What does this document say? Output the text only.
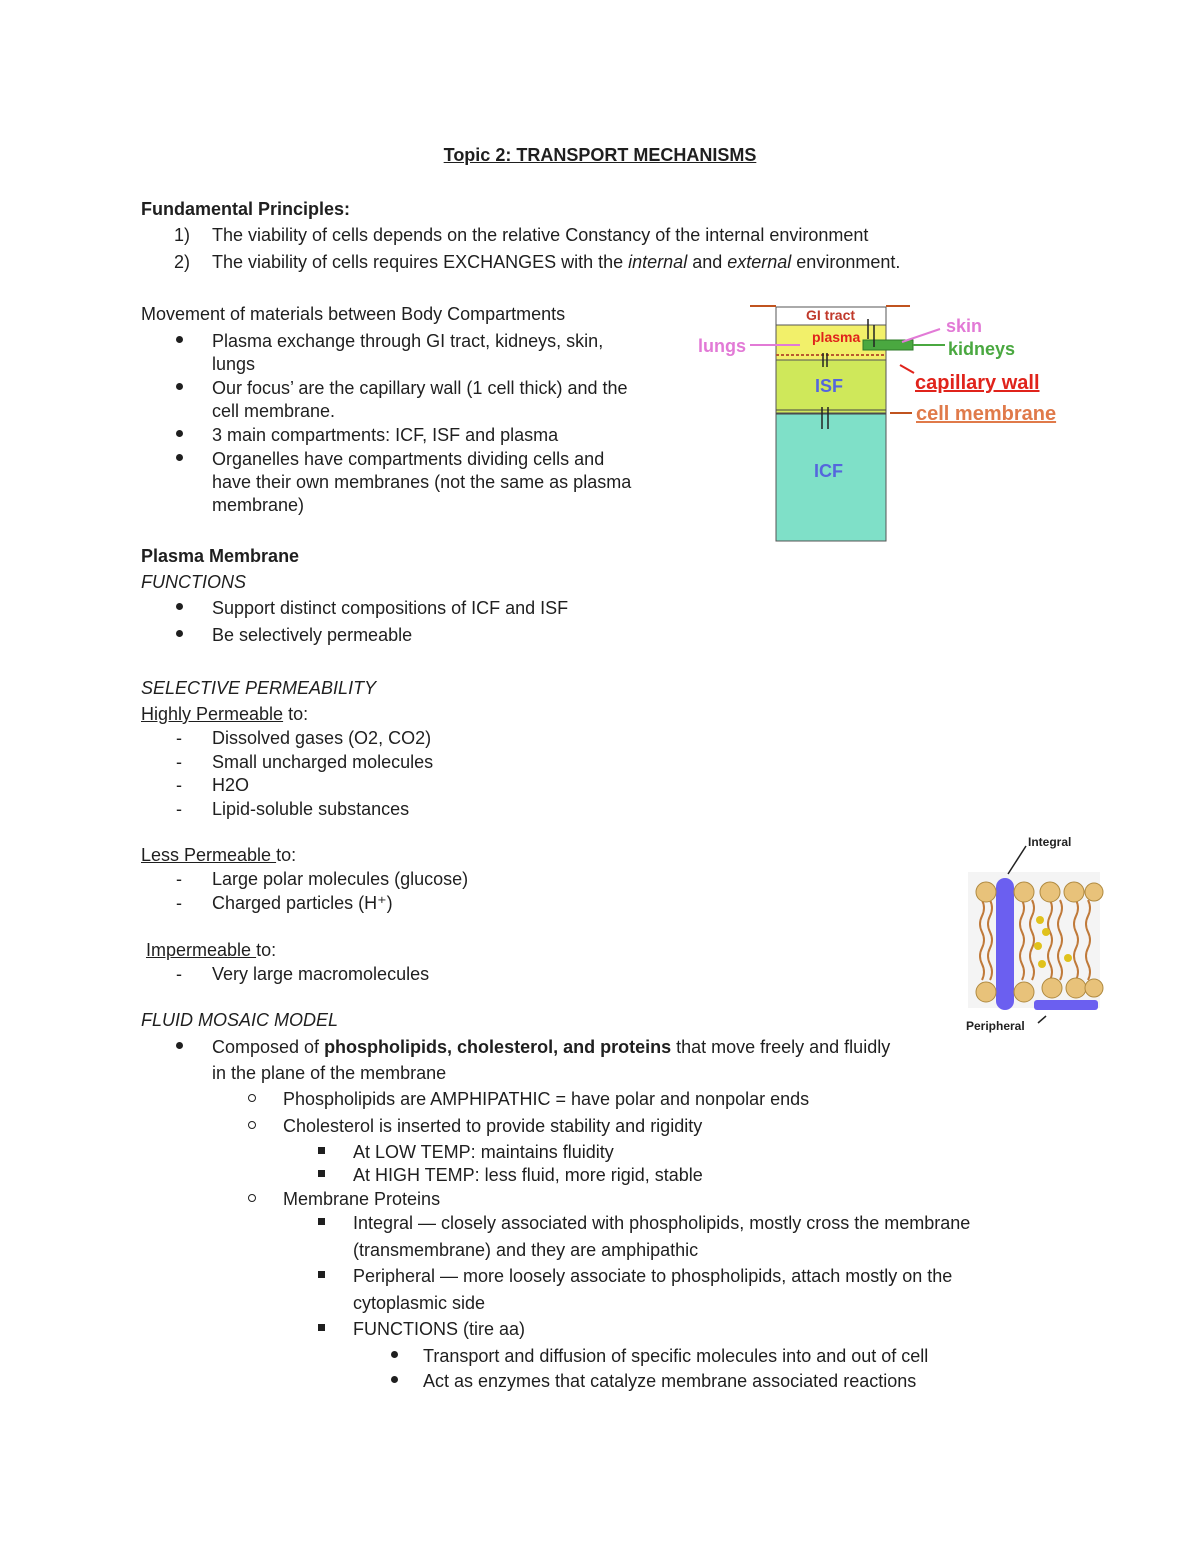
Topic 2: TRANSPORT MECHANISMS
Fundamental Principles:
1) The viability of cells depends on the relative Constancy of the internal environment
2) The viability of cells requires EXCHANGES with the internal and external environment.
Movement of materials between Body Compartments
Plasma exchange through GI tract, kidneys, skin,
lungs
Our focus’ are the capillary wall (1 cell thick) and the
cell membrane.
3 main compartments: ICF, ISF and plasma
Organelles have compartments dividing cells and
have their own membranes (not the same as plasma
membrane)
GI tract
plasma
lungs
skin
kidneys
ISF
ICF
capillary wall
cell membrane
Plasma Membrane
FUNCTIONS
Support distinct compositions of ICF and ISF
Be selectively permeable
SELECTIVE PERMEABILITY
Highly Permeable to:
- Dissolved gases (O2, CO2)
- Small uncharged molecules
- H2O
- Lipid-soluble substances
Less Permeable to:
- Large polar molecules (glucose)
- Charged particles (H⁺)
Impermeable to:
- Very large macromolecules
Integral
Peripheral
FLUID MOSAIC MODEL
Composed of phospholipids, cholesterol, and proteins that move freely and fluidly
in the plane of the membrane
Phospholipids are AMPHIPATHIC = have polar and nonpolar ends
Cholesterol is inserted to provide stability and rigidity
At LOW TEMP: maintains fluidity
At HIGH TEMP: less fluid, more rigid, stable
Membrane Proteins
Integral — closely associated with phospholipids, mostly cross the membrane
(transmembrane) and they are amphipathic
Peripheral — more loosely associate to phospholipids, attach mostly on the
cytoplasmic side
FUNCTIONS (tire aa)
Transport and diffusion of specific molecules into and out of cell
Act as enzymes that catalyze membrane associated reactions
